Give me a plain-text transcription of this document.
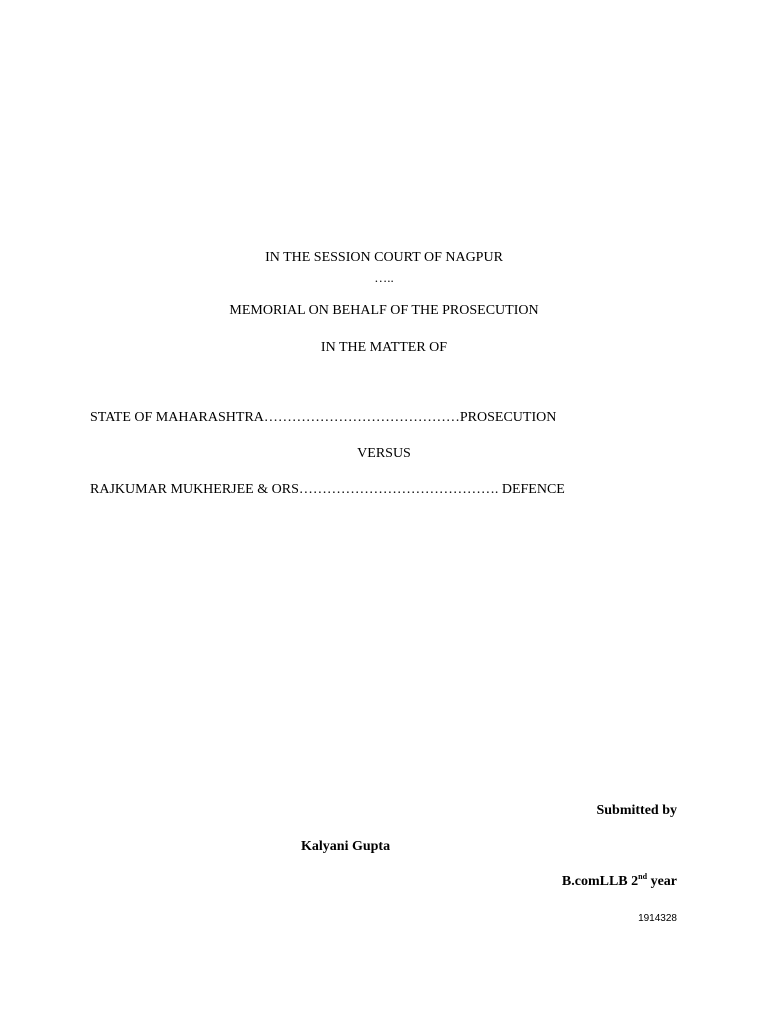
IN THE SESSION COURT OF NAGPUR
…..
MEMORIAL ON BEHALF OF THE PROSECUTION
IN THE MATTER OF
STATE OF MAHARASHTRA……………………………………PROSECUTION
VERSUS
RAJKUMAR MUKHERJEE & ORS……………………………………. DEFENCE
Submitted by
Kalyani Gupta
B.comLLB 2nd year
1914328
